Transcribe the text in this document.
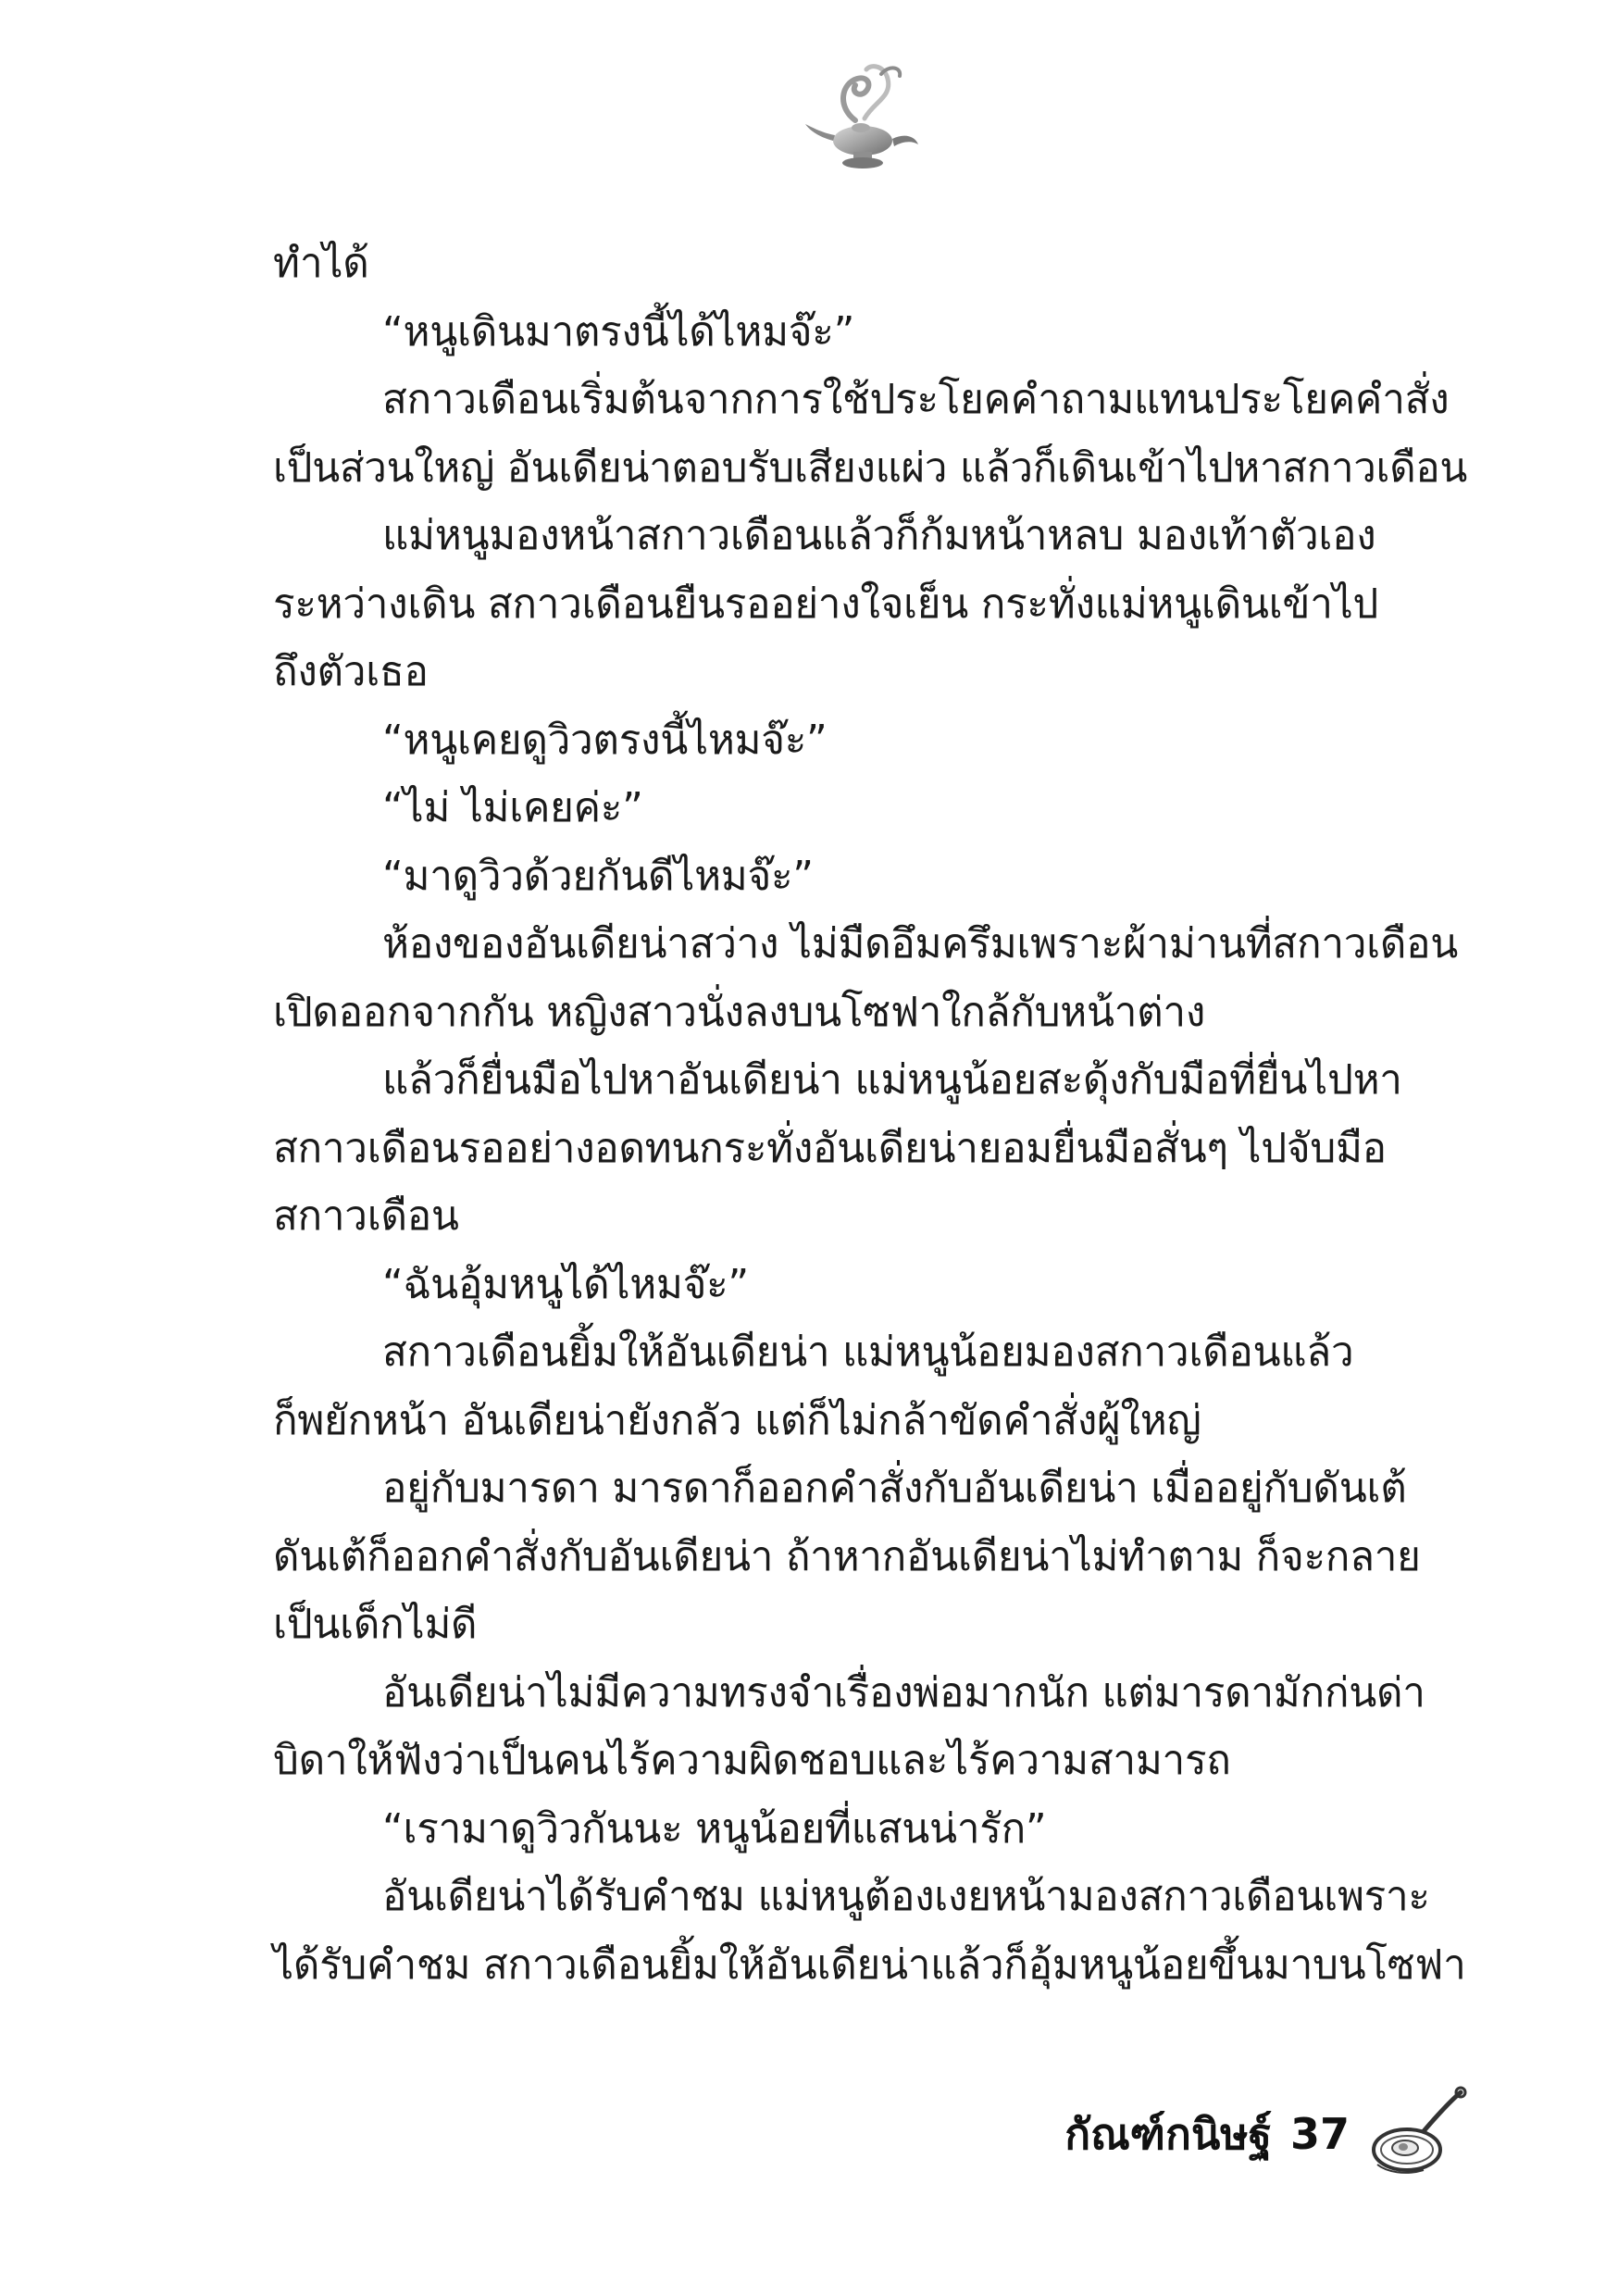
ทำได้
“หนูเดินมาตรงนี้ได้ไหมจ๊ะ”
สกาวเดือนเริ่มต้นจากการใช้ประโยคคำถามแทนประโยคคำสั่ง
เป็นส่วนใหญ่ อันเดียน่าตอบรับเสียงแผ่ว แล้วก็เดินเข้าไปหาสกาวเดือน
แม่หนูมองหน้าสกาวเดือนแล้วก็ก้มหน้าหลบ มองเท้าตัวเอง
ระหว่างเดิน สกาวเดือนยืนรออย่างใจเย็น กระทั่งแม่หนูเดินเข้าไป
ถึงตัวเธอ
“หนูเคยดูวิวตรงนี้ไหมจ๊ะ”
“ไม่ ไม่เคยค่ะ”
“มาดูวิวด้วยกันดีไหมจ๊ะ”
ห้องของอันเดียน่าสว่าง ไม่มืดอึมครึมเพราะผ้าม่านที่สกาวเดือน
เปิดออกจากกัน หญิงสาวนั่งลงบนโซฟาใกล้กับหน้าต่าง
แล้วก็ยื่นมือไปหาอันเดียน่า แม่หนูน้อยสะดุ้งกับมือที่ยื่นไปหา
สกาวเดือนรออย่างอดทนกระทั่งอันเดียน่ายอมยื่นมือสั่นๆ ไปจับมือ
สกาวเดือน
“ฉันอุ้มหนูได้ไหมจ๊ะ”
สกาวเดือนยิ้มให้อันเดียน่า แม่หนูน้อยมองสกาวเดือนแล้ว
ก็พยักหน้า อันเดียน่ายังกลัว แต่ก็ไม่กล้าขัดคำสั่งผู้ใหญ่
อยู่กับมารดา มารดาก็ออกคำสั่งกับอันเดียน่า เมื่ออยู่กับดันเต้
ดันเต้ก็ออกคำสั่งกับอันเดียน่า ถ้าหากอันเดียน่าไม่ทำตาม ก็จะกลาย
เป็นเด็กไม่ดี
อันเดียน่าไม่มีความทรงจำเรื่องพ่อมากนัก แต่มารดามักก่นด่า
บิดาให้ฟังว่าเป็นคนไร้ความผิดชอบและไร้ความสามารถ
“เรามาดูวิวกันนะ หนูน้อยที่แสนน่ารัก”
อันเดียน่าได้รับคำชม แม่หนูต้องเงยหน้ามองสกาวเดือนเพราะ
ได้รับคำชม สกาวเดือนยิ้มให้อันเดียน่าแล้วก็อุ้มหนูน้อยขึ้นมาบนโซฟา
กัณฑ์กนิษฐ์ 37
